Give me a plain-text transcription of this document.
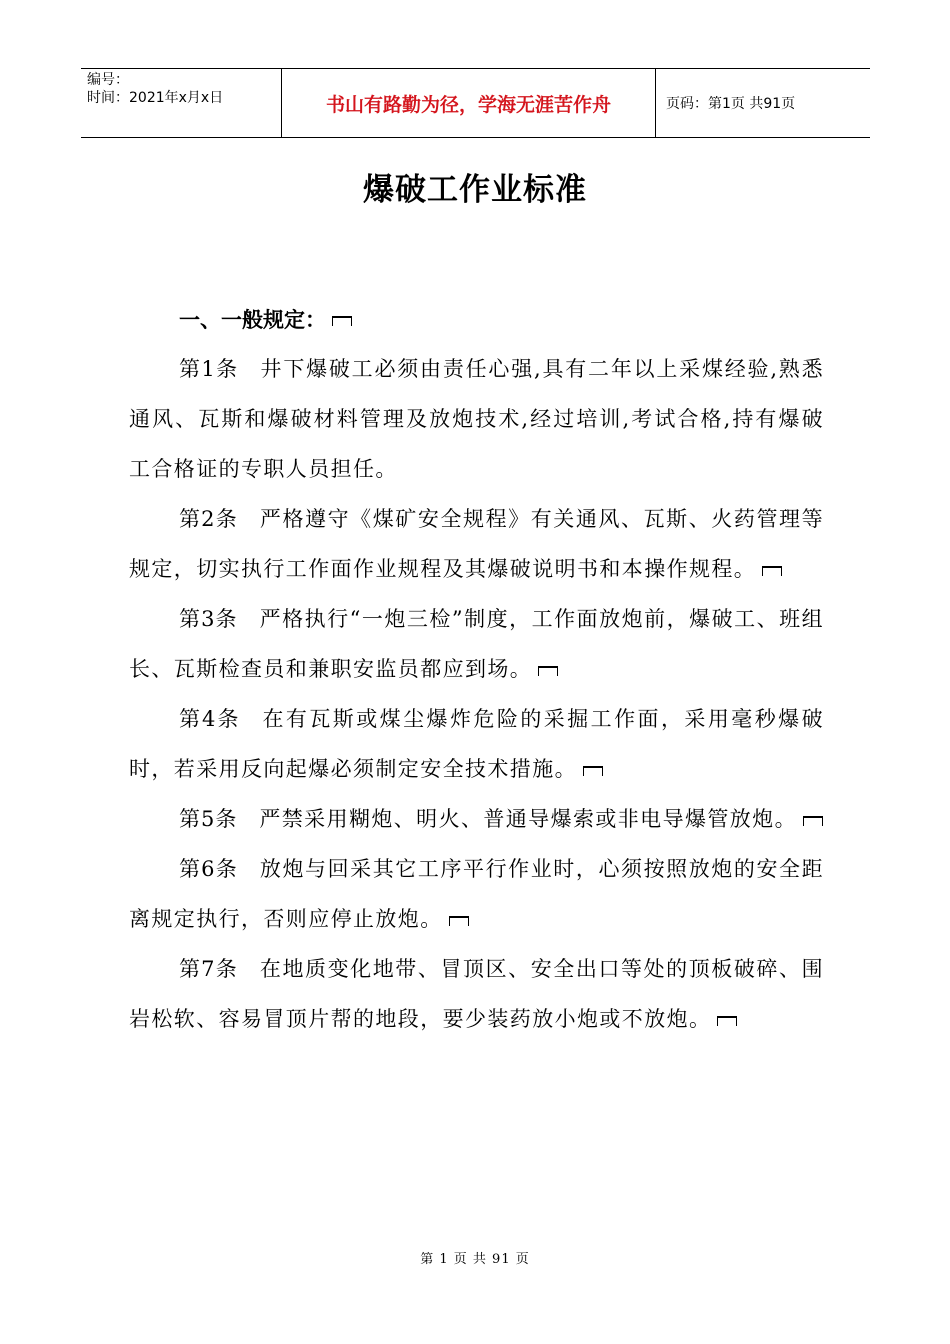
编号：
时间：2021年x月x日	书山有路勤为径，学海无涯苦作舟	页码：第1页 共91页
爆破工作业标准
一、一般规定：

第1条 井下爆破工必须由责任心强,具有二年以上采煤经验,熟悉通风、瓦斯和爆破材料管理及放炮技术,经过培训,考试合格,持有爆破工合格证的专职人员担任。

第2条 严格遵守《煤矿安全规程》有关通风、瓦斯、火药管理等规定，切实执行工作面作业规程及其爆破说明书和本操作规程。

第3条 严格执行“一炮三检”制度，工作面放炮前，爆破工、班组长、瓦斯检查员和兼职安监员都应到场。

第4条 在有瓦斯或煤尘爆炸危险的采掘工作面，采用毫秒爆破时，若采用反向起爆必须制定安全技术措施。

第5条 严禁采用糊炮、明火、普通导爆索或非电导爆管放炮。

第6条 放炮与回采其它工序平行作业时，心须按照放炮的安全距离规定执行，否则应停止放炮。

第7条 在地质变化地带、冒顶区、安全出口等处的顶板破碎、围岩松软、容易冒顶片帮的地段，要少装药放小炮或不放炮。

第 1 页 共 91 页
